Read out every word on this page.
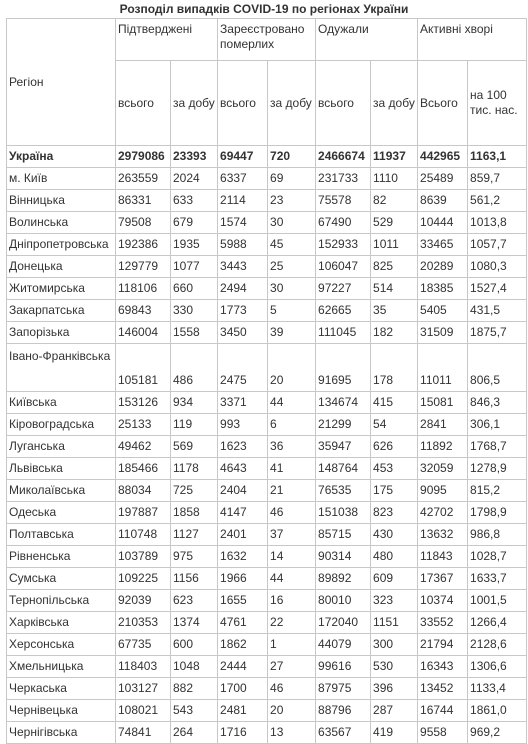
Розподіл випадків COVID-19 по регіонах України
Регіон	Підтверджені		Зареєстровано померлих		Одужали		Активні хворі	
	всього	за добу	всього	за добу	всього	за добу	Всього	на 100 тис. нас.

Україна	2979086	23393	69447	720	2466674	11937	442965	1163,1
м. Київ	263559	2024	6337	69	231733	1110	25489	859,7
Вінницька	86331	633	2114	23	75578	82	8639	561,2
Волинська	79508	679	1574	30	67490	529	10444	1013,8
Дніпропетровська	192386	1935	5988	45	152933	1011	33465	1057,7
Донецька	129779	1077	3443	25	106047	825	20289	1080,3
Житомирська	118106	660	2494	30	97227	514	18385	1527,4
Закарпатська	69843	330	1773	5	62665	35	5405	431,5
Запорізька	146004	1558	3450	39	111045	182	31509	1875,7
Івано-Франківська	105181	486	2475	20	91695	178	11011	806,5
Київська	153126	934	3371	44	134674	415	15081	846,3
Кіровоградська	25133	119	993	6	21299	54	2841	306,1
Луганська	49462	569	1623	36	35947	626	11892	1768,7
Львівська	185466	1178	4643	41	148764	453	32059	1278,9
Миколаївська	88034	725	2404	21	76535	175	9095	815,2
Одеська	197887	1858	4147	46	151038	823	42702	1798,9
Полтавська	110748	1127	2401	37	85715	430	13632	986,8
Рівненська	103789	975	1632	14	90314	480	11843	1028,7
Сумська	109225	1156	1966	44	89892	609	17367	1633,7
Тернопільська	92039	623	1655	16	80010	323	10374	1001,5
Харківська	210353	1374	4761	22	172040	1151	33552	1266,4
Херсонська	67735	600	1862	1	44079	300	21794	2128,6
Хмельницька	118403	1048	2444	27	99616	530	16343	1306,6
Черкаська	103127	882	1700	46	87975	396	13452	1133,4
Чернівецька	108021	543	2481	20	88796	287	16744	1861,0
Чернігівська	74841	264	1716	13	63567	419	9558	969,2
